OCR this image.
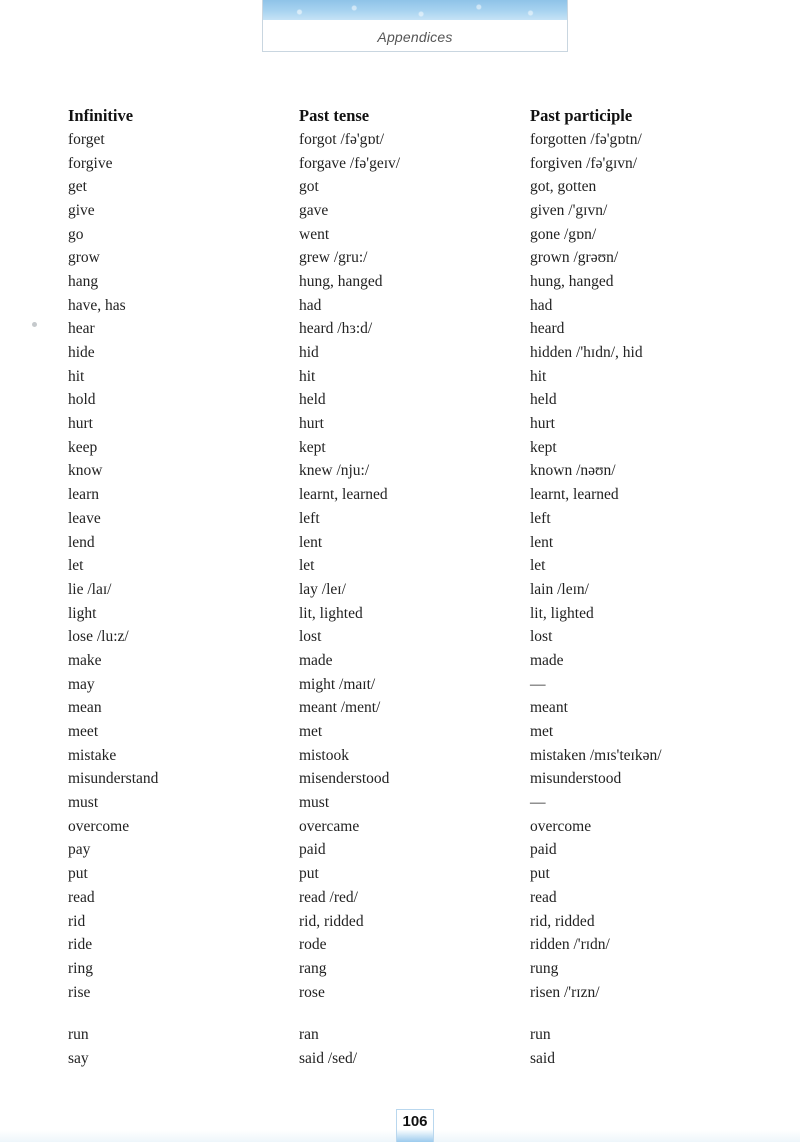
Appendices
Infinitive	Past tense	Past participle
forget	forgot /fə'gɒt/	forgotten /fə'gɒtn/
forgive	forgave /fə'geɪv/	forgiven /fə'gɪvn/
get	got	got, gotten
give	gave	given /'gɪvn/
go	went	gone /gɒn/
grow	grew /gru:/	grown /grəʊn/
hang	hung, hanged	hung, hanged
have, has	had	had
hear	heard /hɜ:d/	heard
hide	hid	hidden /'hɪdn/, hid
hit	hit	hit
hold	held	held
hurt	hurt	hurt
keep	kept	kept
know	knew /nju:/	known /nəʊn/
learn	learnt, learned	learnt, learned
leave	left	left
lend	lent	lent
let	let	let
lie /laɪ/	lay /leɪ/	lain /leɪn/
light	lit, lighted	lit, lighted
lose /lu:z/	lost	lost
make	made	made
may	might /maɪt/	—
mean	meant /ment/	meant
meet	met	met
mistake	mistook	mistaken /mɪs'teɪkən/
misunderstand	misenderstood	misunderstood
must	must	—
overcome	overcame	overcome
pay	paid	paid
put	put	put
read	read /red/	read
rid	rid, ridded	rid, ridded
ride	rode	ridden /'rɪdn/
ring	rang	rung
rise	rose	risen /'rɪzn/
run	ran	run
say	said /sed/	said
106
